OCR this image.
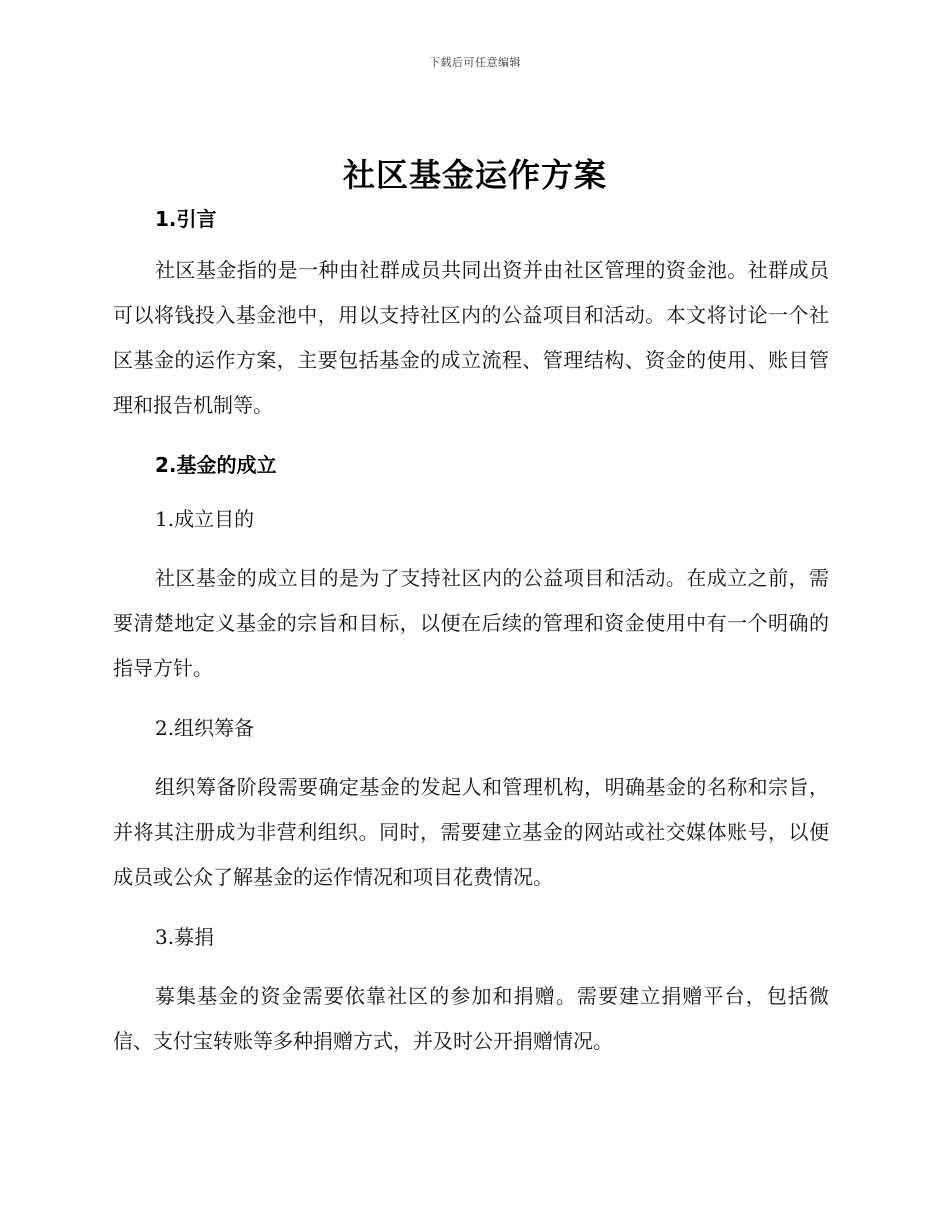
下载后可任意编辑
社区基金运作方案

1.引言

社区基金指的是一种由社群成员共同出资并由社区管理的资金池。社群成员可以将钱投入基金池中，用以支持社区内的公益项目和活动。本文将讨论一个社区基金的运作方案，主要包括基金的成立流程、管理结构、资金的使用、账目管理和报告机制等。

2.基金的成立

1.成立目的

社区基金的成立目的是为了支持社区内的公益项目和活动。在成立之前，需要清楚地定义基金的宗旨和目标，以便在后续的管理和资金使用中有一个明确的指导方针。

2.组织筹备

组织筹备阶段需要确定基金的发起人和管理机构，明确基金的名称和宗旨，并将其注册成为非营利组织。同时，需要建立基金的网站或社交媒体账号，以便成员或公众了解基金的运作情况和项目花费情况。

3.募捐

募集基金的资金需要依靠社区的参加和捐赠。需要建立捐赠平台，包括微信、支付宝转账等多种捐赠方式，并及时公开捐赠情况。
